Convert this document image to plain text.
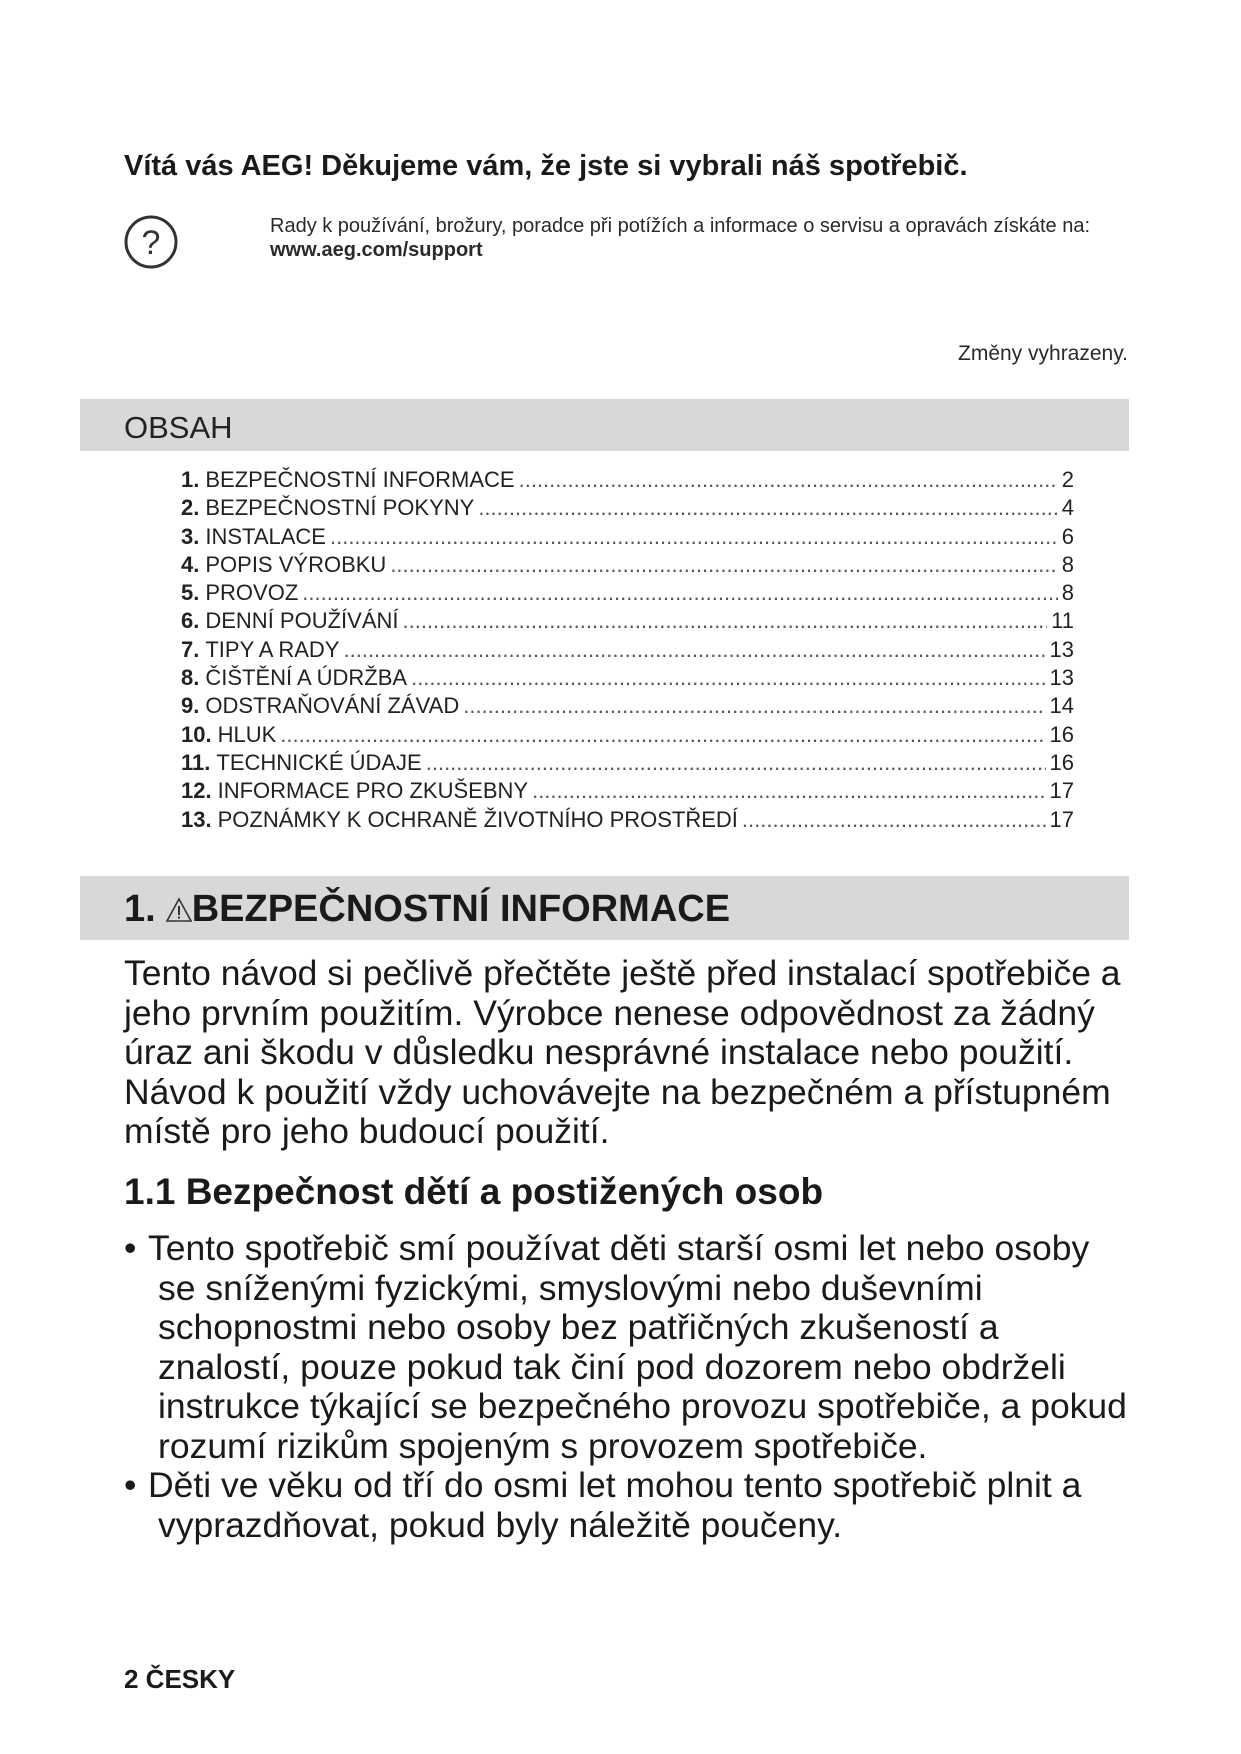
Vítá vás AEG! Děkujeme vám, že jste si vybrali náš spotřebič.
?	Rady k používání, brožury, poradce při potížích a informace o servisu a opravách získáte na:
www.aeg.com/support
Změny vyhrazeny.
OBSAH
1. BEZPEČNOSTNÍ INFORMACE .....	2
2. BEZPEČNOSTNÍ POKYNY .....	4
3. INSTALACE .....	6
4. POPIS VÝROBKU .....	8
5. PROVOZ .....	8
6. DENNÍ POUŽÍVÁNÍ .....	11
7. TIPY A RADY .....	13
8. ČIŠTĚNÍ A ÚDRŽBA .....	13
9. ODSTRAŇOVÁNÍ ZÁVAD .....	14
10. HLUK .....	16
11. TECHNICKÉ ÚDAJE .....	16
12. INFORMACE PRO ZKUŠEBNY .....	17
13. POZNÁMKY K OCHRANĚ ŽIVOTNÍHO PROSTŘEDÍ .....	17
1. BEZPEČNOSTNÍ INFORMACE

Tento návod si pečlivě přečtěte ještě před instalací spotřebiče a jeho prvním použitím. Výrobce nenese odpovědnost za žádný úraz ani škodu v důsledku nesprávné instalace nebo použití. Návod k použití vždy uchovávejte na bezpečném a přístupném místě pro jeho budoucí použití.

1.1 Bezpečnost dětí a postižených osob
• Tento spotřebič smí používat děti starší osmi let nebo osoby se sníženými fyzickými, smyslovými nebo duševními schopnostmi nebo osoby bez patřičných zkušeností a znalostí, pouze pokud tak činí pod dozorem nebo obdrželi instrukce týkající se bezpečného provozu spotřebiče, a pokud rozumí rizikům spojeným s provozem spotřebiče.
• Děti ve věku od tří do osmi let mohou tento spotřebič plnit a vyprazdňovat, pokud byly náležitě poučeny.
2 ČESKY
